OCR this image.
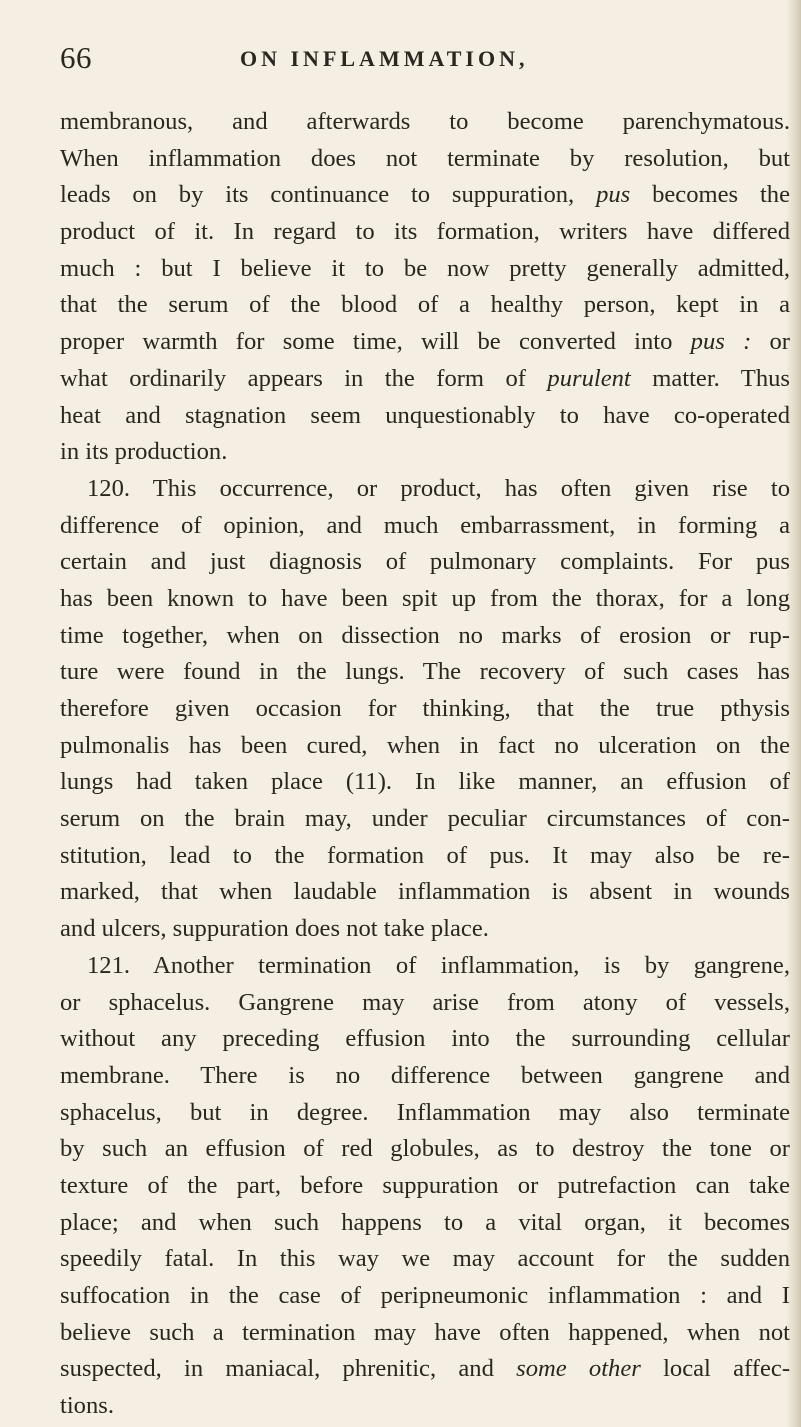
66	ON INFLAMMATION,
membranous, and afterwards to become parenchymatous.
When inflammation does not terminate by resolution, but
leads on by its continuance to suppuration, pus becomes the
product of it. In regard to its formation, writers have differed
much : but I believe it to be now pretty generally admitted,
that the serum of the blood of a healthy person, kept in a
proper warmth for some time, will be converted into pus : or
what ordinarily appears in the form of purulent matter. Thus
heat and stagnation seem unquestionably to have co-operated
in its production.
120. This occurrence, or product, has often given rise to
difference of opinion, and much embarrassment, in forming a
certain and just diagnosis of pulmonary complaints. For pus
has been known to have been spit up from the thorax, for a long
time together, when on dissection no marks of erosion or rup-
ture were found in the lungs. The recovery of such cases has
therefore given occasion for thinking, that the true pthysis
pulmonalis has been cured, when in fact no ulceration on the
lungs had taken place (11). In like manner, an effusion of
serum on the brain may, under peculiar circumstances of con-
stitution, lead to the formation of pus. It may also be re-
marked, that when laudable inflammation is absent in wounds
and ulcers, suppuration does not take place.
121. Another termination of inflammation, is by gangrene,
or sphacelus. Gangrene may arise from atony of vessels,
without any preceding effusion into the surrounding cellular
membrane. There is no difference between gangrene and
sphacelus, but in degree. Inflammation may also terminate
by such an effusion of red globules, as to destroy the tone or
texture of the part, before suppuration or putrefaction can take
place; and when such happens to a vital organ, it becomes
speedily fatal. In this way we may account for the sudden
suffocation in the case of peripneumonic inflammation : and I
believe such a termination may have often happened, when not
suspected, in maniacal, phrenitic, and some other local affec-
tions.
